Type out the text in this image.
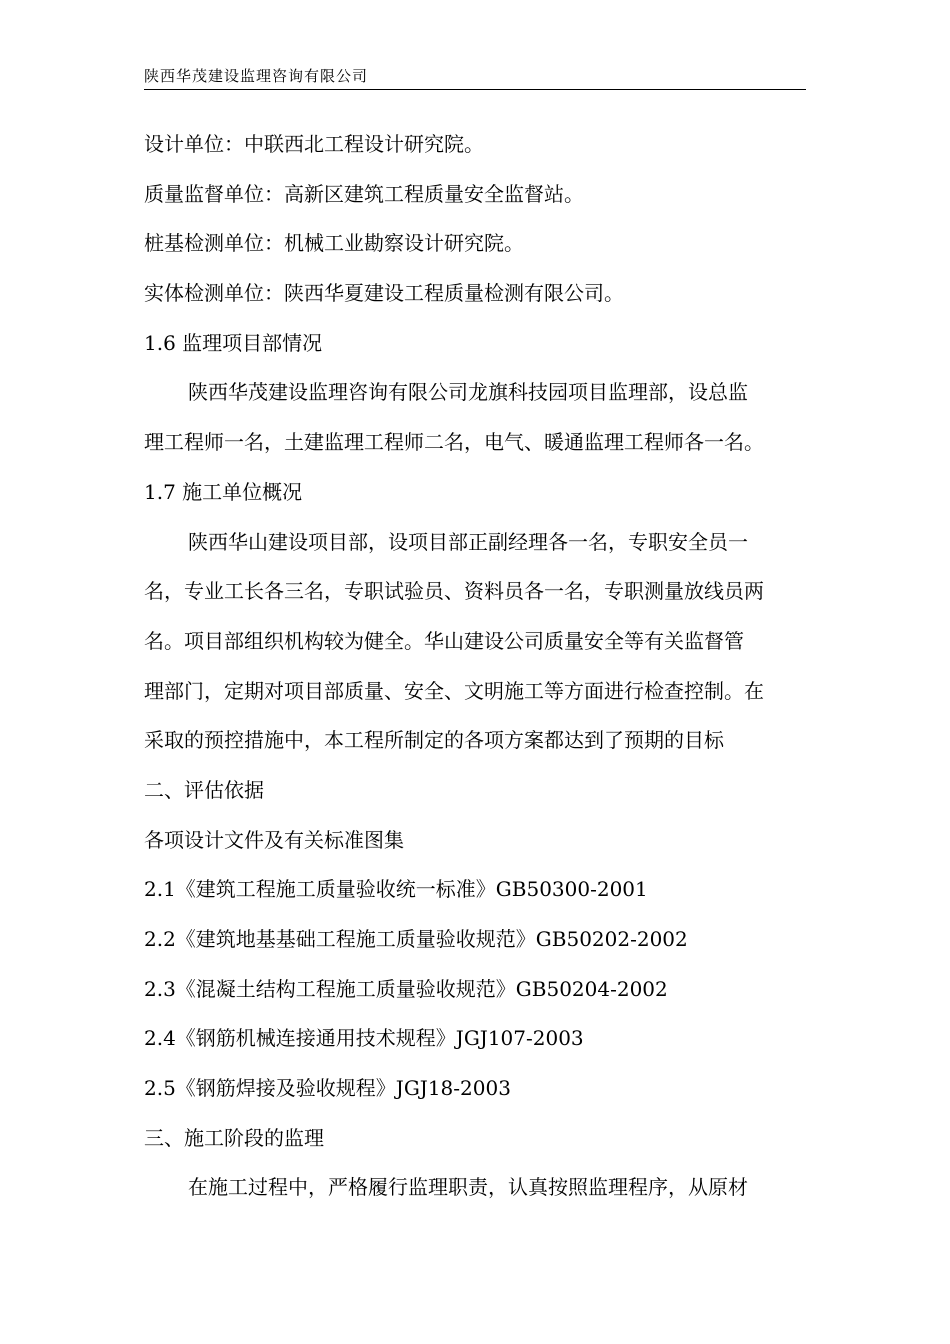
陕西华茂建设监理咨询有限公司
设计单位：中联西北工程设计研究院。
质量监督单位：高新区建筑工程质量安全监督站。
桩基检测单位：机械工业勘察设计研究院。
实体检测单位：陕西华夏建设工程质量检测有限公司。
1.6 监理项目部情况
陕西华茂建设监理咨询有限公司龙旗科技园项目监理部，设总监
理工程师一名，土建监理工程师二名，电气、暖通监理工程师各一名。
1.7 施工单位概况
陕西华山建设项目部，设项目部正副经理各一名，专职安全员一
名，专业工长各三名，专职试验员、资料员各一名，专职测量放线员两
名。项目部组织机构较为健全。华山建设公司质量安全等有关监督管
理部门，定期对项目部质量、安全、文明施工等方面进行检查控制。在
采取的预控措施中，本工程所制定的各项方案都达到了预期的目标
二、评估依据
各项设计文件及有关标准图集
2.1《建筑工程施工质量验收统一标准》GB50300-2001
2.2《建筑地基基础工程施工质量验收规范》GB50202-2002
2.3《混凝土结构工程施工质量验收规范》GB50204-2002
2.4《钢筋机械连接通用技术规程》JGJ107-2003
2.5《钢筋焊接及验收规程》JGJ18-2003
三、施工阶段的监理
在施工过程中，严格履行监理职责，认真按照监理程序，从原材
